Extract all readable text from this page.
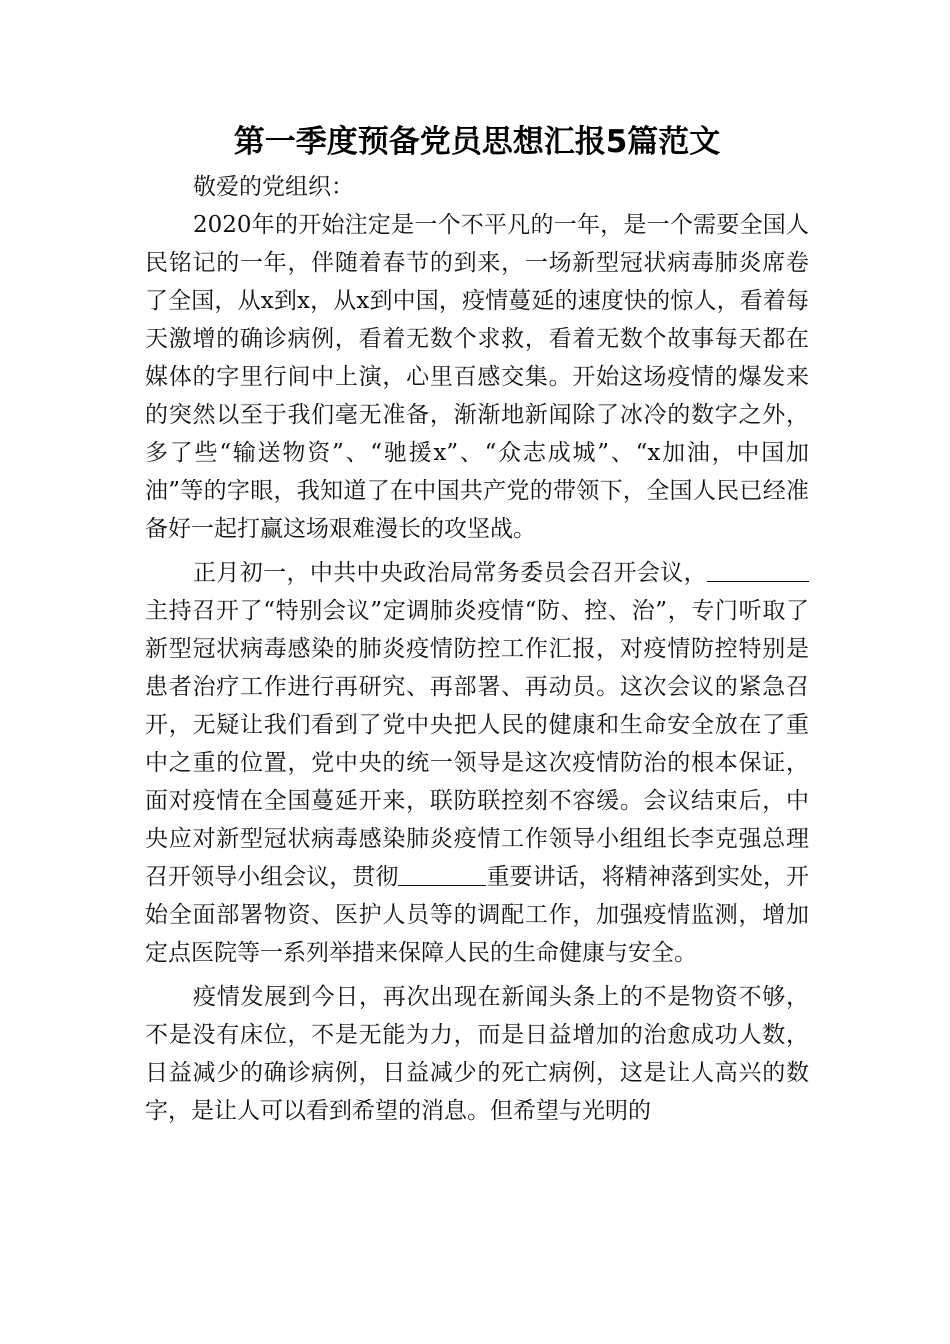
第一季度预备党员思想汇报5篇范文

敬爱的党组织：

2020年的开始注定是一个不平凡的一年，是一个需要全国人民铭记的一年，伴随着春节的到来，一场新型冠状病毒肺炎席卷了全国，从x到x，从x到中国，疫情蔓延的速度快的惊人，看着每天激增的确诊病例，看着无数个求救，看着无数个故事每天都在媒体的字里行间中上演，心里百感交集。开始这场疫情的爆发来的突然以至于我们毫无准备，渐渐地新闻除了冰冷的数字之外，多了些“输送物资”、“驰援x”、“众志成城”、“x加油，中国加油”等的字眼，我知道了在中国共产党的带领下，全国人民已经准备好一起打赢这场艰难漫长的攻坚战。

正月初一，中共中央政治局常务委员会召开会议，主持召开了“特别会议”定调肺炎疫情“防、控、治”，专门听取了新型冠状病毒感染的肺炎疫情防控工作汇报，对疫情防控特别是患者治疗工作进行再研究、再部署、再动员。这次会议的紧急召开，无疑让我们看到了党中央把人民的健康和生命安全放在了重中之重的位置，党中央的统一领导是这次疫情防治的根本保证，面对疫情在全国蔓延开来，联防联控刻不容缓。会议结束后，中央应对新型冠状病毒感染肺炎疫情工作领导小组组长李克强总理召开领导小组会议，贯彻	重要讲话，将精神落到实处，开始全面部署物资、医护人员等的调配工作，加强疫情监测，增加定点医院等一系列举措来保障人民的生命健康与安全。

疫情发展到今日，再次出现在新闻头条上的不是物资不够，不是没有床位，不是无能为力，而是日益增加的治愈成功人数，日益减少的确诊病例，日益减少的死亡病例，这是让人高兴的数字，是让人可以看到希望的消息。但希望与光明的
